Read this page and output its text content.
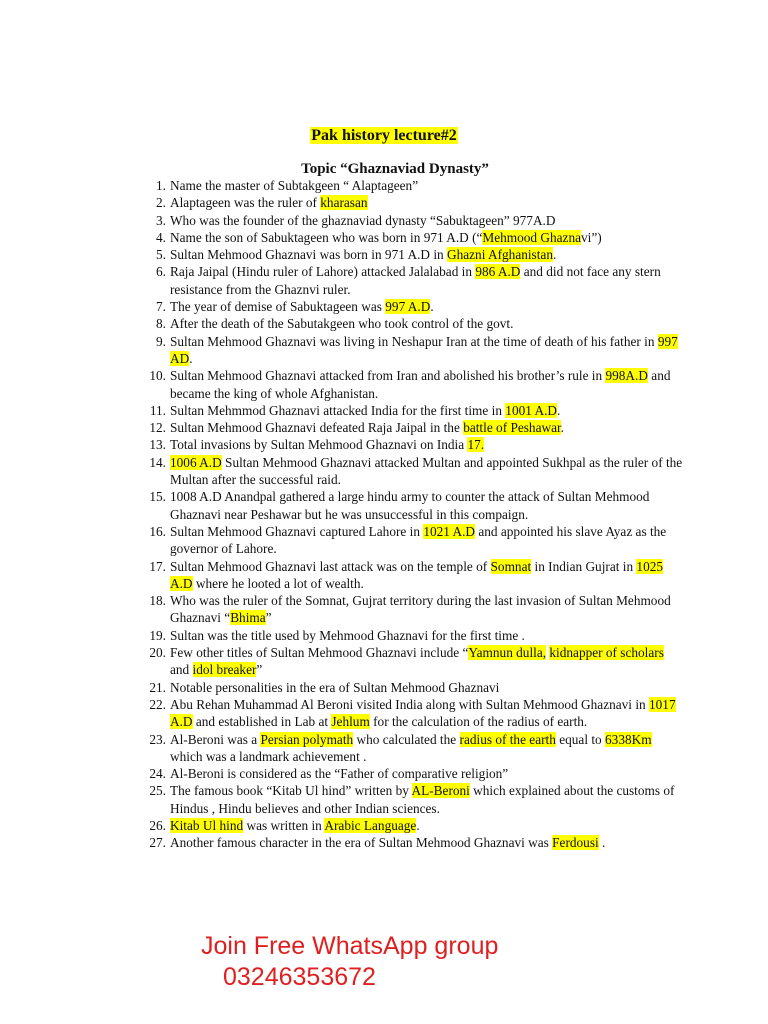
Pak history lecture#2
Topic “Ghaznaviad Dynasty”
1 . Name the master of Subtakgeen “ Alaptageen”
2 . Alaptageen was the ruler of kharasan
3 . Who was the founder of the ghaznaviad dynasty “Sabuktageen” 977A.D
4 . Name the son of Sabuktageen who was born in 971 A.D (“Mehmood Ghaznavi”)
5 . Sultan Mehmood Ghaznavi was born in 971 A.D in Ghazni Afghanistan.
6 . Raja Jaipal (Hindu ruler of Lahore) attacked Jalalabad in 986 A.D and did not face any stern resistance from the Ghaznvi ruler.
7 . The year of demise of Sabuktageen was 997 A.D.
8 . After the death of the Sabutakgeen who took control of the govt.
9 . Sultan Mehmood Ghaznavi was living in Neshapur Iran at the time of death of his father in 997 AD.
10 . Sultan Mehmood Ghaznavi attacked from Iran and abolished his brother’s rule in 998A.D and became the king of whole Afghanistan.
11 . Sultan Mehmmod Ghaznavi attacked India for the first time in 1001 A.D.
12 . Sultan Mehmood Ghaznavi defeated Raja Jaipal in the battle of Peshawar.
13 . Total invasions by Sultan Mehmood Ghaznavi on India 17.
14 . 1006 A.D Sultan Mehmood Ghaznavi attacked Multan and appointed Sukhpal as the ruler of the Multan after the successful raid.
15 . 1008 A.D Anandpal gathered a large hindu army to counter the attack of Sultan Mehmood Ghaznavi near Peshawar but he was unsuccessful in this compaign.
16 . Sultan Mehmood Ghaznavi captured Lahore in 1021 A.D and appointed his slave Ayaz as the governor of Lahore.
17 . Sultan Mehmood Ghaznavi last attack was on the temple of Somnat in Indian Gujrat in 1025 A.D where he looted a lot of wealth.
18 . Who was the ruler of the Somnat, Gujrat territory during the last invasion of Sultan Mehmood Ghaznavi “Bhima”
19 . Sultan was the title used by Mehmood Ghaznavi for the first time .
20 . Few other titles of Sultan Mehmood Ghaznavi include “Yamnun dulla, kidnapper of scholars and idol breaker”
21 . Notable personalities in the era of Sultan Mehmood Ghaznavi
22 . Abu Rehan Muhammad Al Beroni visited India along with Sultan Mehmood Ghaznavi in 1017 A.D and established in Lab at Jehlum for the calculation of the radius of earth.
23 . Al-Beroni was a Persian polymath who calculated the radius of the earth equal to 6338Km which was a landmark achievement .
24 . Al-Beroni is considered as the “Father of comparative religion”
25 . The famous book “Kitab Ul hind” written by AL-Beroni which explained about the customs of Hindus , Hindu believes and other Indian sciences.
26 . Kitab Ul hind was written in Arabic Language.
27 . Another famous character in the era of Sultan Mehmood Ghaznavi was Ferdousi .
Join Free WhatsApp group
03246353672
